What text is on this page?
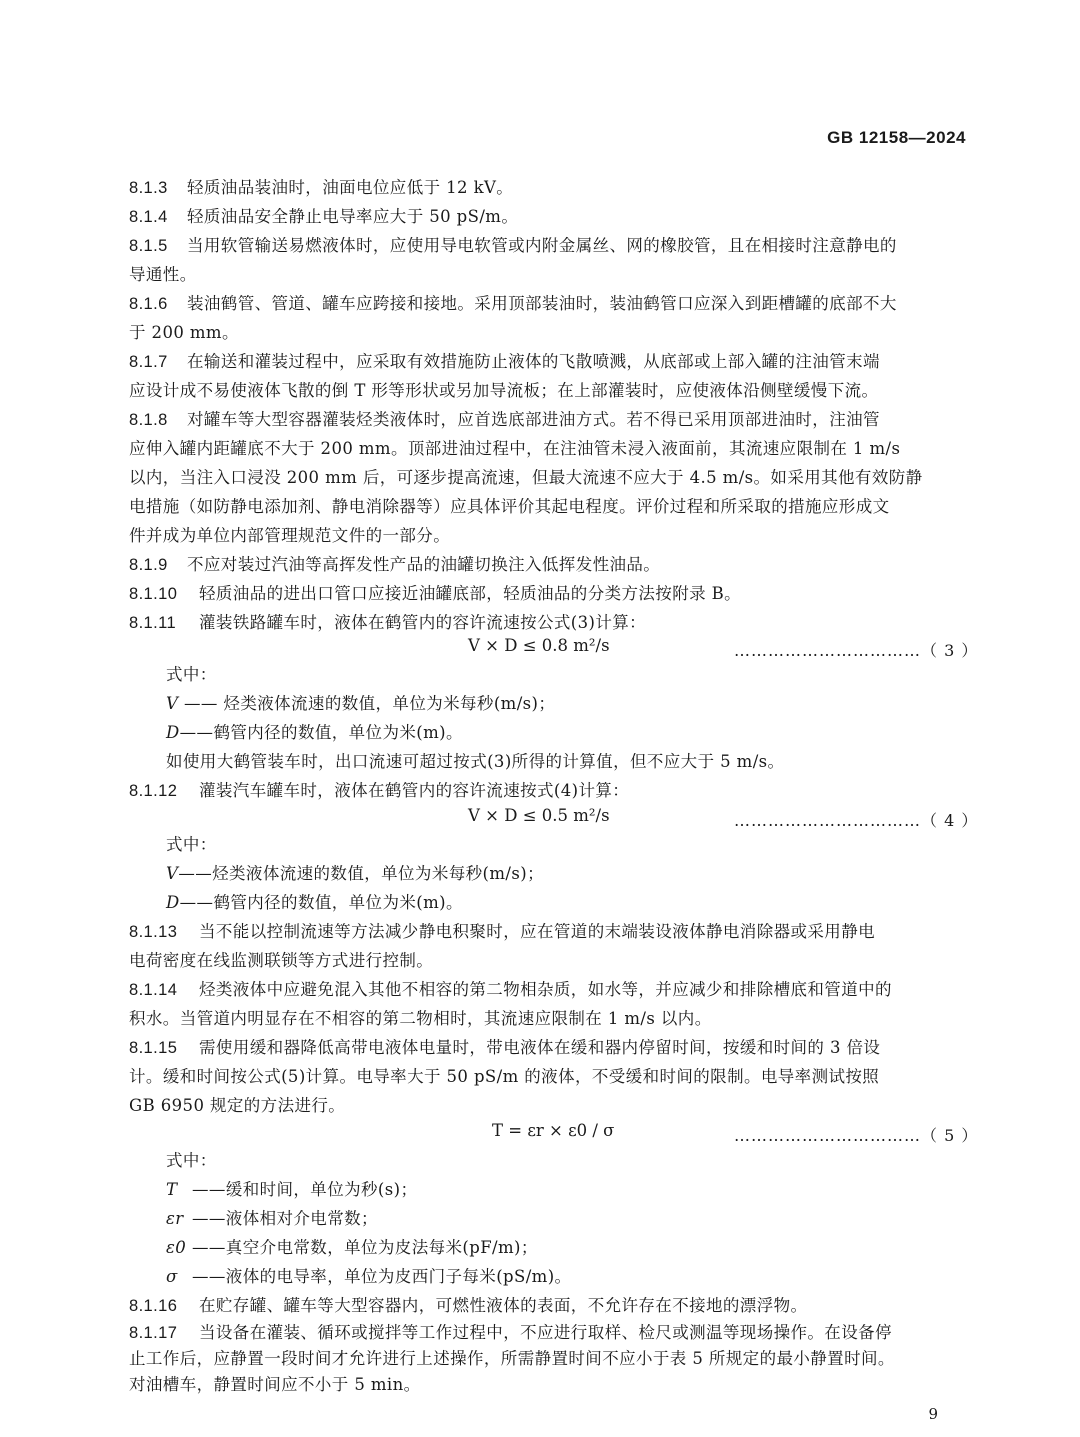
GB 12158—2024
8.1.3 轻质油品装油时，油面电位应低于 12 kV。
8.1.4 轻质油品安全静止电导率应大于 50 pS/m。
8.1.5 当用软管输送易燃液体时，应使用导电软管或内附金属丝、网的橡胶管，且在相接时注意静电的
导通性。
8.1.6 装油鹤管、管道、罐车应跨接和接地。采用顶部装油时，装油鹤管口应深入到距槽罐的底部不大
于 200 mm。
8.1.7 在输送和灌装过程中，应采取有效措施防止液体的飞散喷溅，从底部或上部入罐的注油管末端
应设计成不易使液体飞散的倒 T 形等形状或另加导流板；在上部灌装时，应使液体沿侧壁缓慢下流。
8.1.8 对罐车等大型容器灌装烃类液体时，应首选底部进油方式。若不得已采用顶部进油时，注油管
应伸入罐内距罐底不大于 200 mm。顶部进油过程中，在注油管未浸入液面前，其流速应限制在 1 m/s
以内，当注入口浸没 200 mm 后，可逐步提高流速，但最大流速不应大于 4.5 m/s。如采用其他有效防静
电措施（如防静电添加剂、静电消除器等）应具体评价其起电程度。评价过程和所采取的措施应形成文
件并成为单位内部管理规范文件的一部分。
8.1.9 不应对装过汽油等高挥发性产品的油罐切换注入低挥发性油品。
8.1.10 轻质油品的进出口管口应接近油罐底部，轻质油品的分类方法按附录 B。
8.1.11 灌装铁路罐车时，液体在鹤管内的容许流速按公式(3)计算：
V × D ≤ 0.8 m²/s	……………………………（ 3 ）
式中：
V —— 烃类液体流速的数值，单位为米每秒(m/s)；
D——鹤管内径的数值，单位为米(m)。
如使用大鹤管装车时，出口流速可超过按式(3)所得的计算值，但不应大于 5 m/s。
8.1.12 灌装汽车罐车时，液体在鹤管内的容许流速按式(4)计算：
V × D ≤ 0.5 m²/s	……………………………（ 4 ）
式中：
V——烃类液体流速的数值，单位为米每秒(m/s)；
D——鹤管内径的数值，单位为米(m)。
8.1.13 当不能以控制流速等方法减少静电积聚时，应在管道的末端装设液体静电消除器或采用静电
电荷密度在线监测联锁等方式进行控制。
8.1.14 烃类液体中应避免混入其他不相容的第二物相杂质，如水等，并应减少和排除槽底和管道中的
积水。当管道内明显存在不相容的第二物相时，其流速应限制在 1 m/s 以内。
8.1.15 需使用缓和器降低高带电液体电量时，带电液体在缓和器内停留时间，按缓和时间的 3 倍设
计。缓和时间按公式(5)计算。电导率大于 50 pS/m 的液体，不受缓和时间的限制。电导率测试按照
GB 6950 规定的方法进行。
T = εr × ε0 / σ	……………………………（ 5 ）
式中：
T ——缓和时间，单位为秒(s)；
εr ——液体相对介电常数；
ε0 ——真空介电常数，单位为皮法每米(pF/m)；
σ ——液体的电导率，单位为皮西门子每米(pS/m)。
8.1.16 在贮存罐、罐车等大型容器内，可燃性液体的表面，不允许存在不接地的漂浮物。
8.1.17 当设备在灌装、循环或搅拌等工作过程中，不应进行取样、检尺或测温等现场操作。在设备停
止工作后，应静置一段时间才允许进行上述操作，所需静置时间不应小于表 5 所规定的最小静置时间。
9
对油槽车，静置时间应不小于 5 min。
